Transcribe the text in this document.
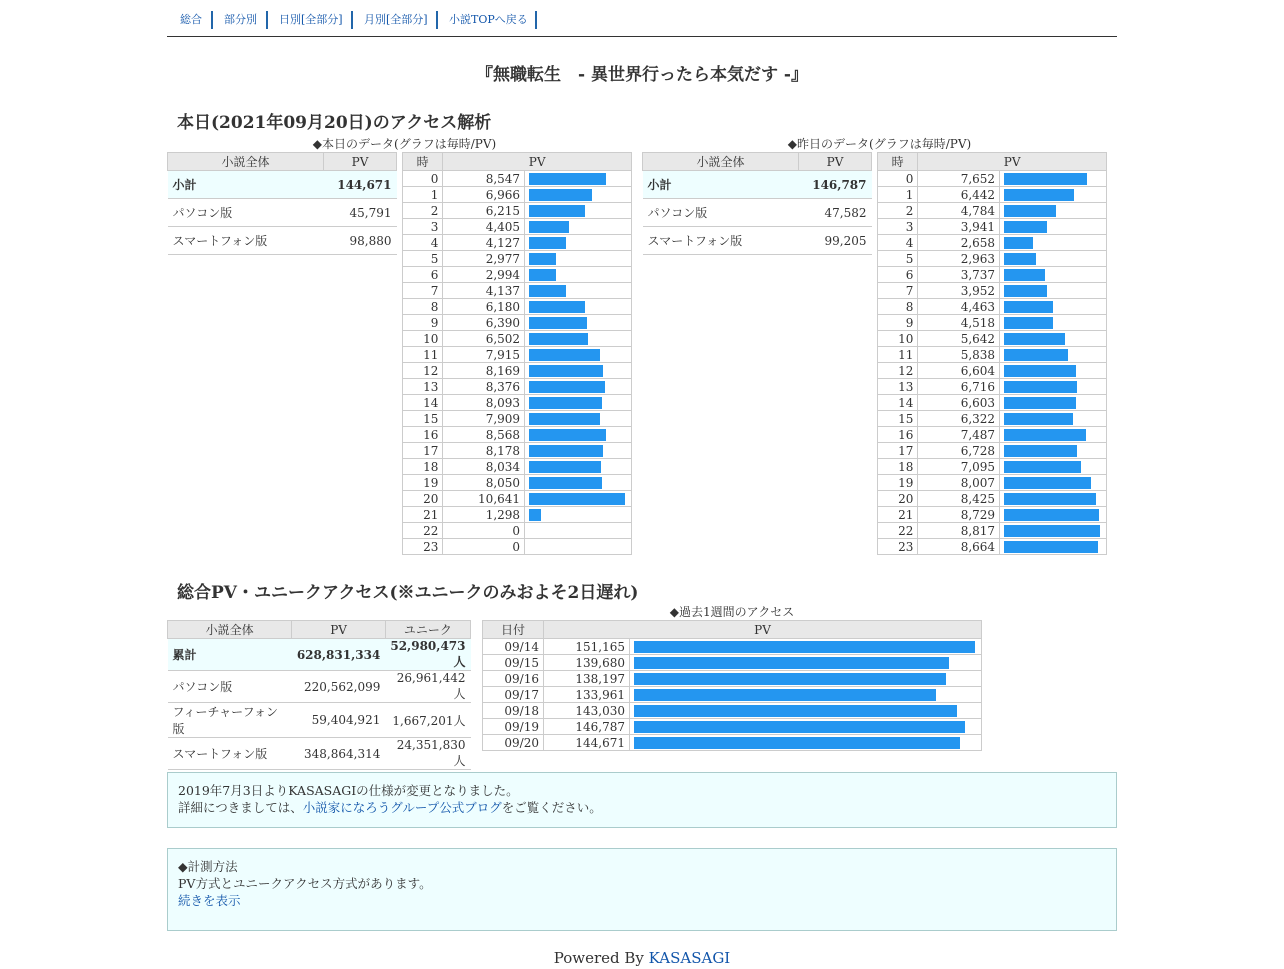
総合 部分別 日別[全部分] 月別[全部分] 小説TOPへ戻る
『無職転生　- 異世界行ったら本気だす -』
本日(2021年09月20日)のアクセス解析
◆本日のデータ(グラフは毎時/PV)	◆昨日のデータ(グラフは毎時/PV)
小説全体	PV
小計	144,671
パソコン版	45,791
スマートフォン版	98,880
時	PV	
0	8,547	

1	6,966	

2	6,215	

3	4,405	

4	4,127	

5	2,977	

6	2,994	

7	4,137	

8	6,180	

9	6,390	

10	6,502	

11	7,915	

12	8,169	

13	8,376	

14	8,093	

15	7,909	

16	8,568	

17	8,178	

18	8,034	

19	8,050	

20	10,641	

21	1,298	

22	0	

23	0	
小説全体	PV
小計	146,787
パソコン版	47,582
スマートフォン版	99,205
時	PV	
0	7,652	

1	6,442	

2	4,784	

3	3,941	

4	2,658	

5	2,963	

6	3,737	

7	3,952	

8	4,463	

9	4,518	

10	5,642	

11	5,838	

12	6,604	

13	6,716	

14	6,603	

15	6,322	

16	7,487	

17	6,728	

18	7,095	

19	8,007	

20	8,425	

21	8,729	

22	8,817	

23	8,664	
総合PV・ユニークアクセス(※ユニークのみおよそ2日遅れ)
小説全体	PV	ユニーク
累計	628,831,334	52,980,473人
パソコン版	220,562,099	26,961,442人
フィーチャーフォン版	59,404,921	1,667,201人
スマートフォン版	348,864,314	24,351,830人
◆過去1週間のアクセス
日付	PV	
09/14	151,165	

09/15	139,680	

09/16	138,197	

09/17	133,961	

09/18	143,030	

09/19	146,787	

09/20	144,671	
2019年7月3日よりKASASAGIの仕様が変更となりました。
詳細につきましては、小説家になろうグループ公式ブログをご覧ください。
◆計測方法
PV方式とユニークアクセス方式があります。
続きを表示
Powered By KASASAGI
